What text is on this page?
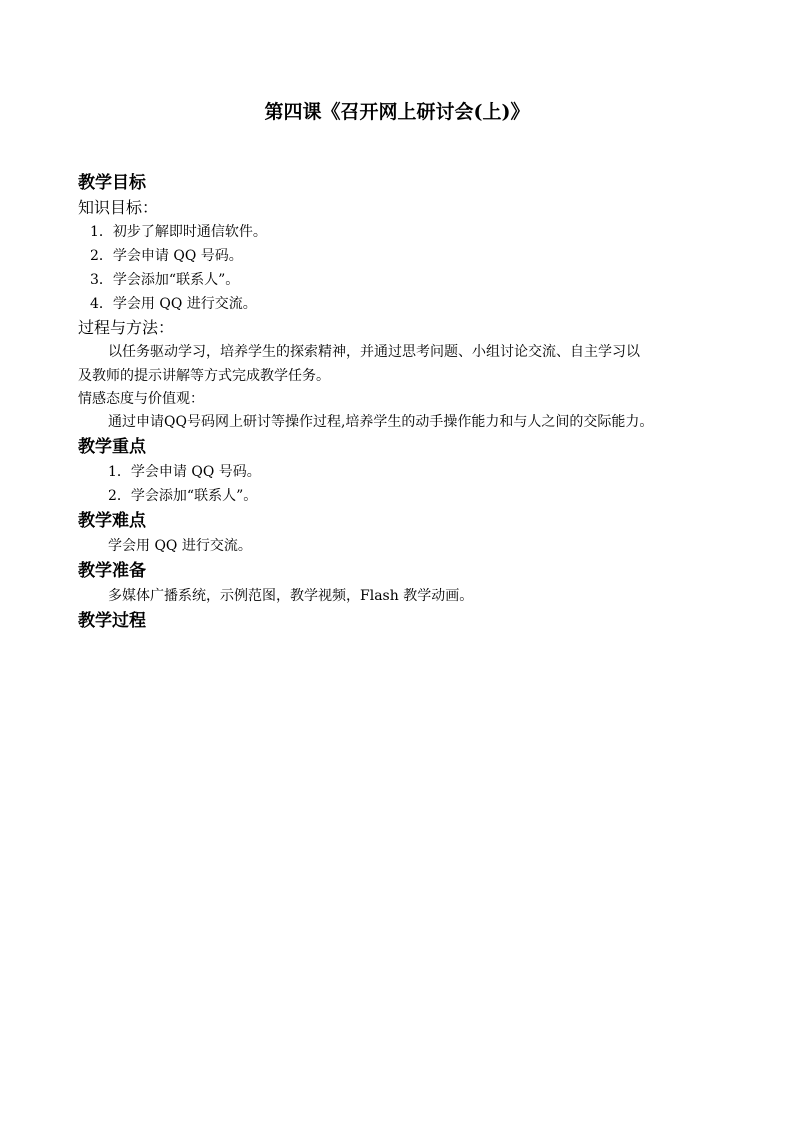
第四课《召开网上研讨会(上)》
教学目标
知识目标：
1．初步了解即时通信软件。
2．学会申请 QQ 号码。
3．学会添加“联系人”。
4．学会用 QQ 进行交流。
过程与方法：
以任务驱动学习，培养学生的探索精神，并通过思考问题、小组讨论交流、自主学习以
及教师的提示讲解等方式完成教学任务。
情感态度与价值观：
通过申请QQ号码网上研讨等操作过程,培养学生的动手操作能力和与人之间的交际能力。
教学重点
1．学会申请 QQ 号码。
2．学会添加“联系人”。
教学难点
学会用 QQ 进行交流。
教学准备
多媒体广播系统，示例范图，教学视频，Flash 教学动画。
教学过程
